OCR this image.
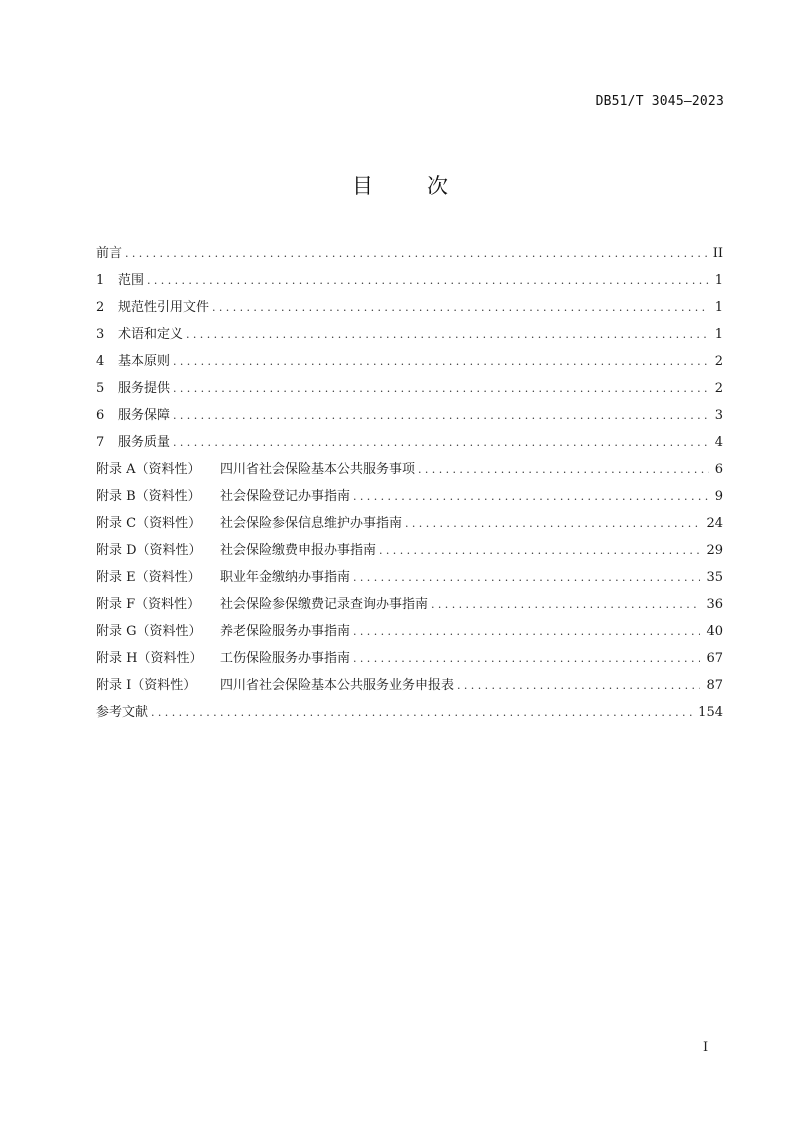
DB51/T 3045—2023
目	次
前言 .....	II
1	范围 .....	1
2	规范性引用文件 .....	1
3	术语和定义 .....	1
4	基本原则 .....	2
5	服务提供 .....	2
6	服务保障 .....	3
7	服务质量 .....	4
附录 A（资料性）	四川省社会保险基本公共服务事项 .....	6
附录 B（资料性）	社会保险登记办事指南 .....	9
附录 C（资料性）	社会保险参保信息维护办事指南 .....	24
附录 D（资料性）	社会保险缴费申报办事指南 .....	29
附录 E（资料性）	职业年金缴纳办事指南 .....	35
附录 F（资料性）	社会保险参保缴费记录查询办事指南 .....	36
附录 G（资料性）	养老保险服务办事指南 .....	40
附录 H（资料性）	工伤保险服务办事指南 .....	67
附录 I（资料性）	四川省社会保险基本公共服务业务申报表 .....	87
参考文献 .....	154
I
